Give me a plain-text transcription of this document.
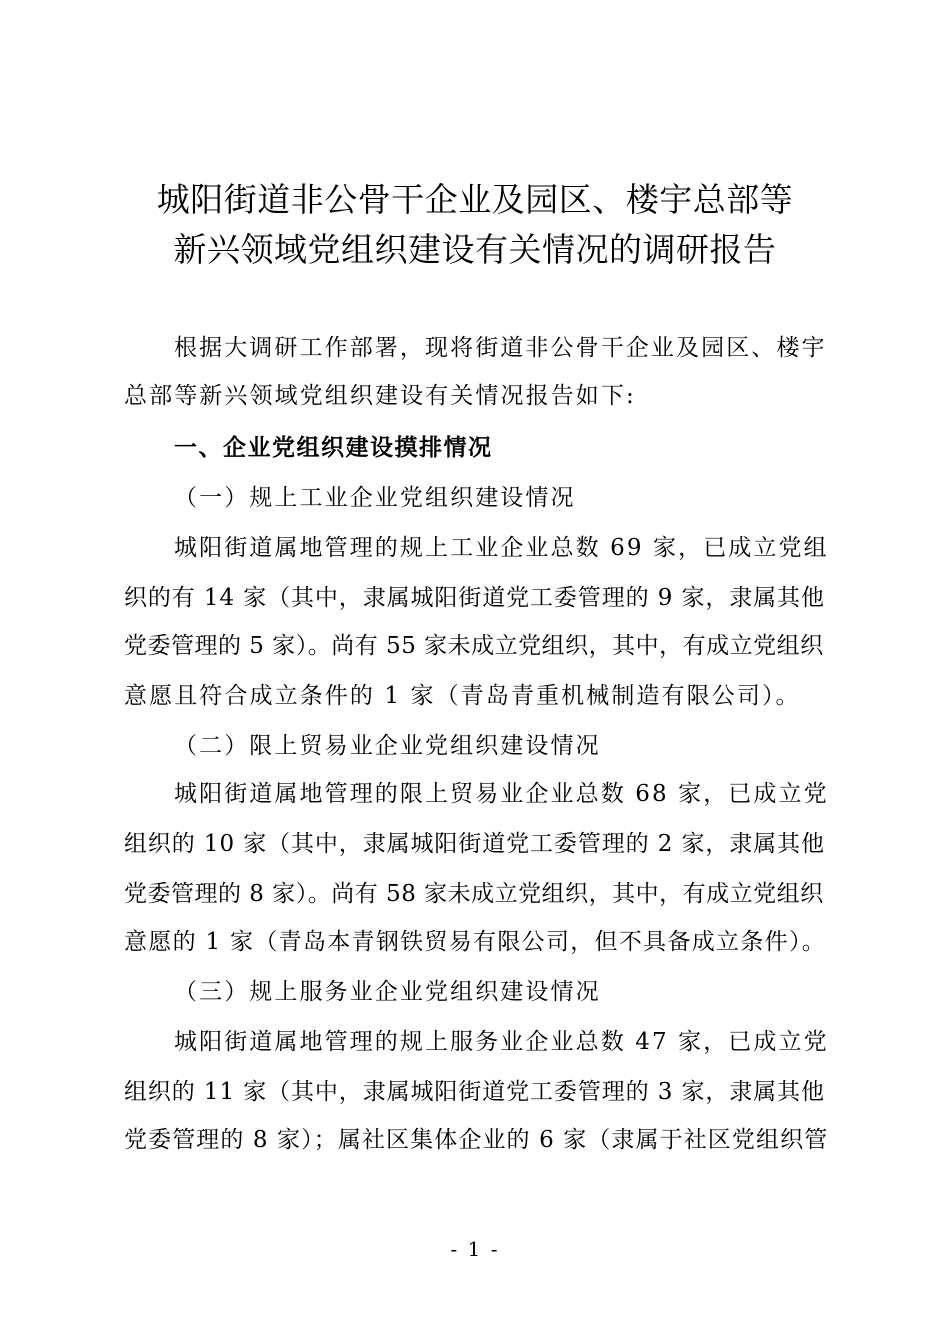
城阳街道非公骨干企业及园区、楼宇总部等
新兴领域党组织建设有关情况的调研报告
根据大调研工作部署，现将街道非公骨干企业及园区、楼宇
总部等新兴领域党组织建设有关情况报告如下:
一、企业党组织建设摸排情况
（一）规上工业企业党组织建设情况
城阳街道属地管理的规上工业企业总数 69 家，已成立党组
织的有 14 家（其中，隶属城阳街道党工委管理的 9 家，隶属其他
党委管理的 5 家）。尚有 55 家未成立党组织，其中，有成立党组织
意愿且符合成立条件的 1 家（青岛青重机械制造有限公司）。
（二）限上贸易业企业党组织建设情况
城阳街道属地管理的限上贸易业企业总数 68 家，已成立党
组织的 10 家（其中，隶属城阳街道党工委管理的 2 家，隶属其他
党委管理的 8 家）。尚有 58 家未成立党组织，其中，有成立党组织
意愿的 1 家（青岛本青钢铁贸易有限公司，但不具备成立条件）。
（三）规上服务业企业党组织建设情况
城阳街道属地管理的规上服务业企业总数 47 家，已成立党
组织的 11 家（其中，隶属城阳街道党工委管理的 3 家，隶属其他
党委管理的 8 家）；属社区集体企业的 6 家（隶属于社区党组织管
- 1 -
